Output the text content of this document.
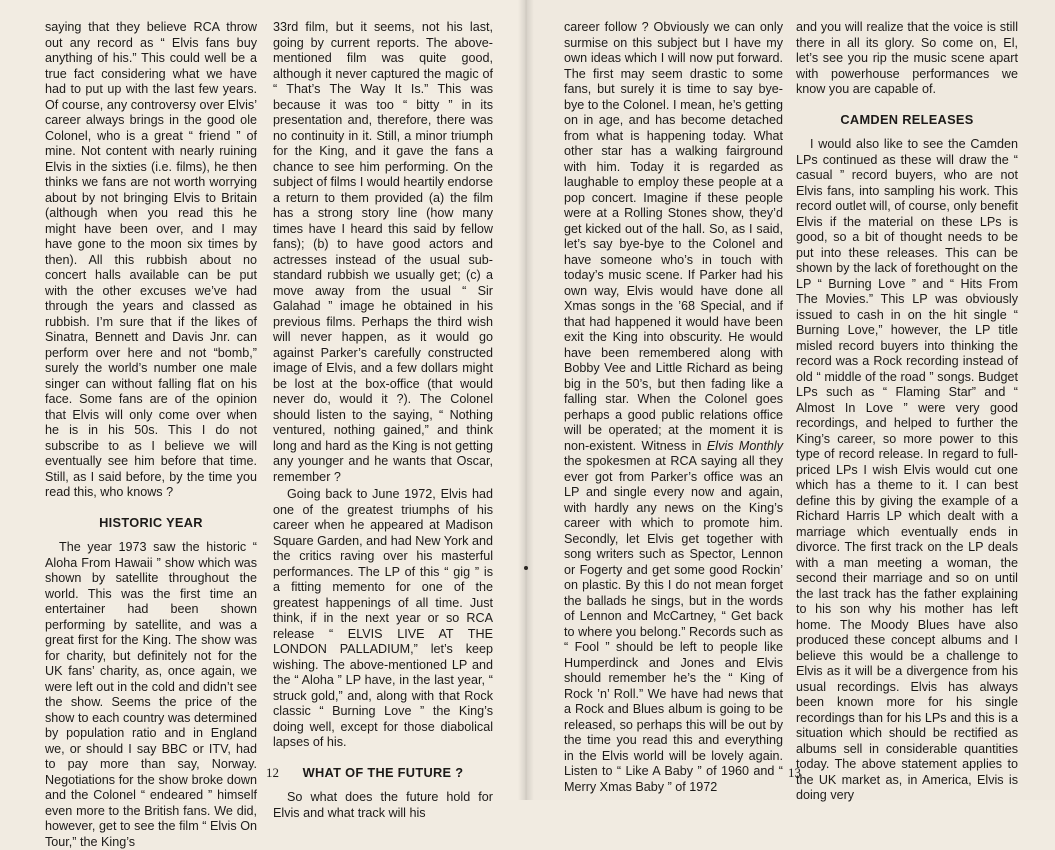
saying that they believe RCA throw out any record as “ Elvis fans buy anything of his.” This could well be a true fact considering what we have had to put up with the last few years. Of course, any controversy over Elvis’ career always brings in the good ole Colonel, who is a great “ friend ” of mine. Not content with nearly ruining Elvis in the sixties (i.e. films), he then thinks we fans are not worth worrying about by not bringing Elvis to Britain (although when you read this he might have been over, and I may have gone to the moon six times by then). All this rubbish about no concert halls available can be put with the other excuses we’ve had through the years and classed as rubbish. I’m sure that if the likes of Sinatra, Bennett and Davis Jnr. can perform over here and not “bomb,” surely the world’s number one male singer can without falling flat on his face. Some fans are of the opinion that Elvis will only come over when he is in his 50s. This I do not subscribe to as I believe we will eventually see him before that time. Still, as I said before, by the time you read this, who knows ?

HISTORIC YEAR

The year 1973 saw the historic “ Aloha From Hawaii ” show which was shown by satellite throughout the world. This was the first time an entertainer had been shown performing by satellite, and was a great first for the King. The show was for charity, but definitely not for the UK fans’ charity, as, once again, we were left out in the cold and didn’t see the show. Seems the price of the show to each country was determined by population ratio and in England we, or should I say BBC or ITV, had to pay more than say, Norway. Negotiations for the show broke down and the Colonel “ endeared ” himself even more to the British fans. We did, however, get to see the film “ Elvis On Tour,” the King’s

33rd film, but it seems, not his last, going by current reports. The above-mentioned film was quite good, although it never captured the magic of “ That’s The Way It Is.” This was because it was too “ bitty ” in its presentation and, therefore, there was no continuity in it. Still, a minor triumph for the King, and it gave the fans a chance to see him performing. On the subject of films I would heartily endorse a return to them provided (a) the film has a strong story line (how many times have I heard this said by fellow fans); (b) to have good actors and actresses instead of the usual sub-standard rubbish we usually get; (c) a move away from the usual “ Sir Galahad ” image he obtained in his previous films. Perhaps the third wish will never happen, as it would go against Parker’s carefully constructed image of Elvis, and a few dollars might be lost at the box-office (that would never do, would it ?). The Colonel should listen to the saying, “ Nothing ventured, nothing gained,” and think long and hard as the King is not getting any younger and he wants that Oscar, remember ?

Going back to June 1972, Elvis had one of the greatest triumphs of his career when he appeared at Madison Square Garden, and had New York and the critics raving over his masterful performances. The LP of this “ gig ” is a fitting memento for one of the greatest happenings of all time. Just think, if in the next year or so RCA release “ ELVIS LIVE AT THE LONDON PALLADIUM,” let’s keep wishing. The above-mentioned LP and the “ Aloha ” LP have, in the last year, “ struck gold,” and, along with that Rock classic “ Burning Love ” the King’s doing well, except for those diabolical lapses of his.

WHAT OF THE FUTURE ?

So what does the future hold for Elvis and what track will his

12

career follow ? Obviously we can only surmise on this subject but I have my own ideas which I will now put forward. The first may seem drastic to some fans, but surely it is time to say bye-bye to the Colonel. I mean, he’s getting on in age, and has become detached from what is happening today. What other star has a walking fairground with him. Today it is regarded as laughable to employ these people at a pop concert. Imagine if these people were at a Rolling Stones show, they’d get kicked out of the hall. So, as I said, let’s say bye-bye to the Colonel and have someone who’s in touch with today’s music scene. If Parker had his own way, Elvis would have done all Xmas songs in the ’68 Special, and if that had happened it would have been exit the King into obscurity. He would have been remembered along with Bobby Vee and Little Richard as being big in the 50’s, but then fading like a falling star. When the Colonel goes perhaps a good public relations office will be operated; at the moment it is non-existent. Witness in Elvis Monthly the spokesmen at RCA saying all they ever got from Parker’s office was an LP and single every now and again, with hardly any news on the King’s career with which to promote him. Secondly, let Elvis get together with song writers such as Spector, Lennon or Fogerty and get some good Rockin’ on plastic. By this I do not mean forget the ballads he sings, but in the words of Lennon and McCartney, “ Get back to where you belong.” Records such as “ Fool ” should be left to people like Humperdinck and Jones and Elvis should remember he’s the “ King of Rock ’n’ Roll.” We have had news that a Rock and Blues album is going to be released, so perhaps this will be out by the time you read this and everything in the Elvis world will be lovely again. Listen to “ Like A Baby ” of 1960 and “ Merry Xmas Baby ” of 1972

and you will realize that the voice is still there in all its glory. So come on, El, let’s see you rip the music scene apart with powerhouse performances we know you are capable of.

CAMDEN RELEASES

I would also like to see the Camden LPs continued as these will draw the “ casual ” record buyers, who are not Elvis fans, into sampling his work. This record outlet will, of course, only benefit Elvis if the material on these LPs is good, so a bit of thought needs to be put into these releases. This can be shown by the lack of forethought on the LP “ Burning Love ” and “ Hits From The Movies.” This LP was obviously issued to cash in on the hit single “ Burning Love,” however, the LP title misled record buyers into thinking the record was a Rock recording instead of old “ middle of the road ” songs. Budget LPs such as “ Flaming Star” and “ Almost In Love ” were very good recordings, and helped to further the King’s career, so more power to this type of record release. In regard to full-priced LPs I wish Elvis would cut one which has a theme to it. I can best define this by giving the example of a Richard Harris LP which dealt with a marriage which eventually ends in divorce. The first track on the LP deals with a man meeting a woman, the second their marriage and so on until the last track has the father explaining to his son why his mother has left home. The Moody Blues have also produced these concept albums and I believe this would be a challenge to Elvis as it will be a divergence from his usual recordings. Elvis has always been known more for his single recordings than for his LPs and this is a situation which should be rectified as albums sell in considerable quantities today. The above statement applies to the UK market as, in America, Elvis is doing very

13
